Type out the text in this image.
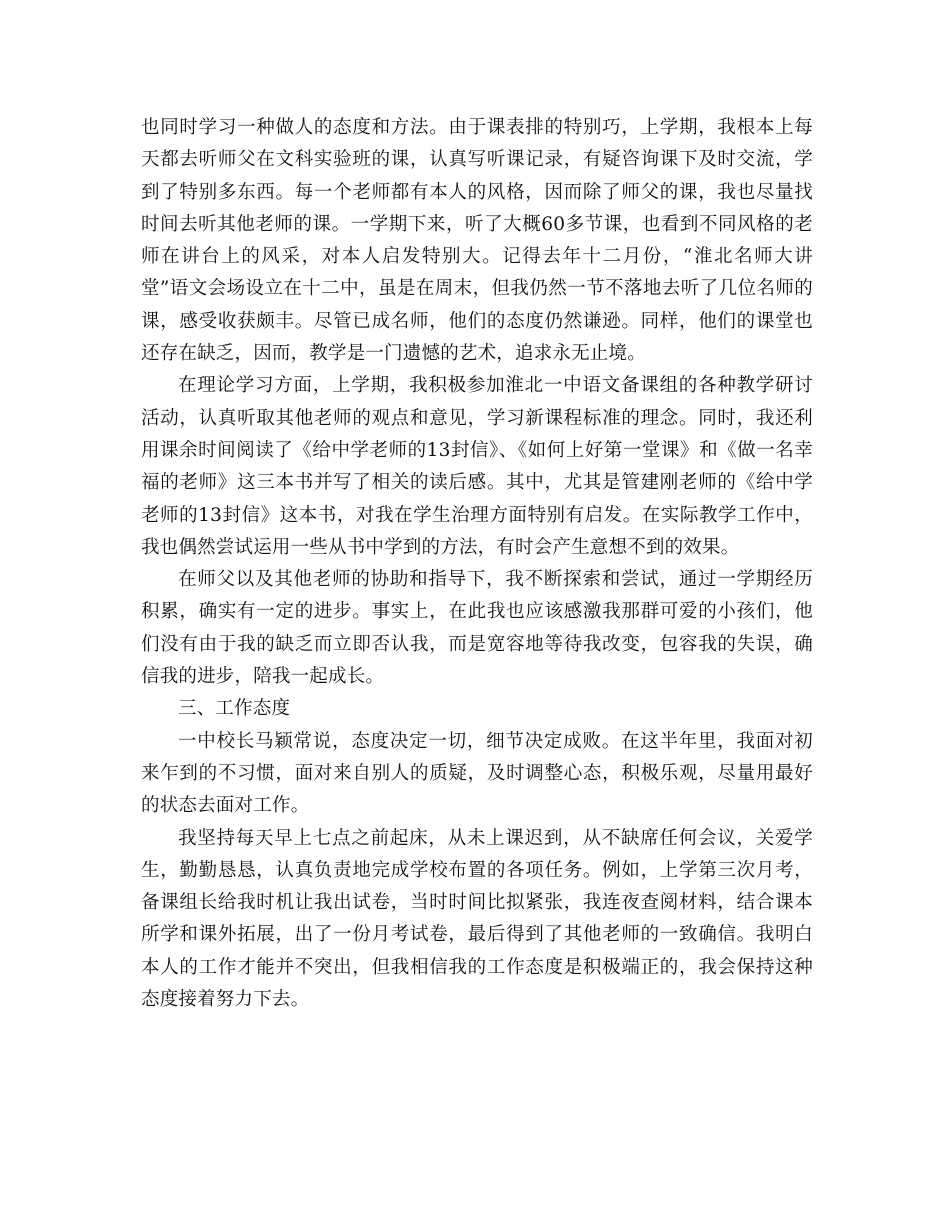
也同时学习一种做人的态度和方法。由于课表排的特别巧，上学期，我根本上每天都去听师父在文科实验班的课，认真写听课记录，有疑咨询课下及时交流，学到了特别多东西。每一个老师都有本人的风格，因而除了师父的课，我也尽量找时间去听其他老师的课。一学期下来，听了大概60多节课，也看到不同风格的老师在讲台上的风采，对本人启发特别大。记得去年十二月份，“淮北名师大讲堂”语文会场设立在十二中，虽是在周末，但我仍然一节不落地去听了几位名师的课，感受收获颇丰。尽管已成名师，他们的态度仍然谦逊。同样，他们的课堂也还存在缺乏，因而，教学是一门遗憾的艺术，追求永无止境。

在理论学习方面，上学期，我积极参加淮北一中语文备课组的各种教学研讨活动，认真听取其他老师的观点和意见，学习新课程标准的理念。同时，我还利用课余时间阅读了《给中学老师的13封信》、《如何上好第一堂课》和《做一名幸福的老师》这三本书并写了相关的读后感。其中，尤其是管建刚老师的《给中学老师的13封信》这本书，对我在学生治理方面特别有启发。在实际教学工作中，我也偶然尝试运用一些从书中学到的方法，有时会产生意想不到的效果。

在师父以及其他老师的协助和指导下，我不断探索和尝试，通过一学期经历积累，确实有一定的进步。事实上，在此我也应该感激我那群可爱的小孩们，他们没有由于我的缺乏而立即否认我，而是宽容地等待我改变，包容我的失误，确信我的进步，陪我一起成长。

三、工作态度

一中校长马颖常说，态度决定一切，细节决定成败。在这半年里，我面对初来乍到的不习惯，面对来自别人的质疑，及时调整心态，积极乐观，尽量用最好的状态去面对工作。

我坚持每天早上七点之前起床，从未上课迟到，从不缺席任何会议，关爱学生，勤勤恳恳，认真负责地完成学校布置的各项任务。例如，上学第三次月考，备课组长给我时机让我出试卷，当时时间比拟紧张，我连夜查阅材料，结合课本所学和课外拓展，出了一份月考试卷，最后得到了其他老师的一致确信。我明白本人的工作才能并不突出，但我相信我的工作态度是积极端正的，我会保持这种态度接着努力下去。
